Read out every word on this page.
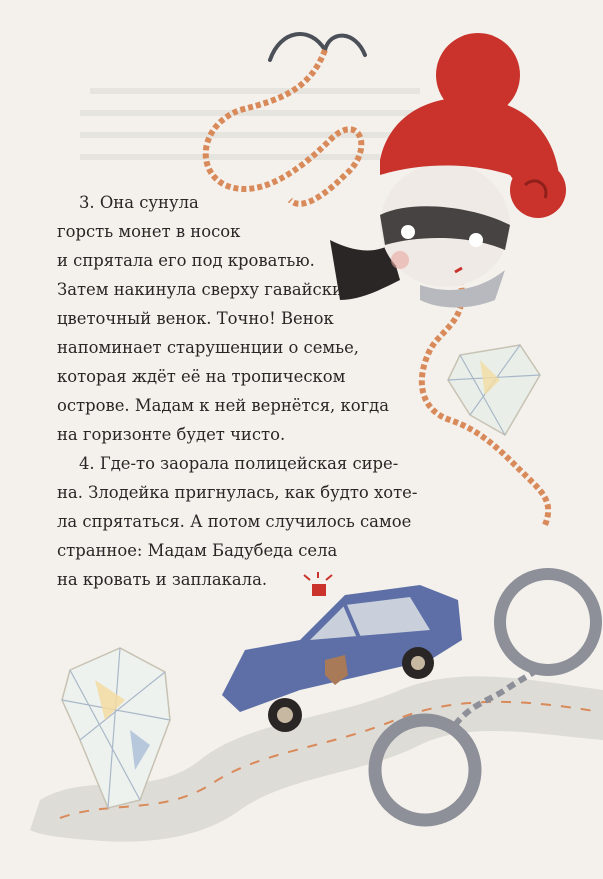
3. Она сунула
горсть монет в носок
и спрятала его под кроватью.
Затем накинула сверху гавайский
цветочный венок. Точно! Венок
напоминает старушенции о семье,
которая ждёт её на тропическом
острове. Мадам к ней вернётся, когда
на горизонте будет чисто.
4. Где-то заорала полицейская сире-
на. Злодейка пригнулась, как будто хоте-
ла спрятаться. А потом случилось самое
странное: Мадам Бадубеда села
на кровать и заплакала.
